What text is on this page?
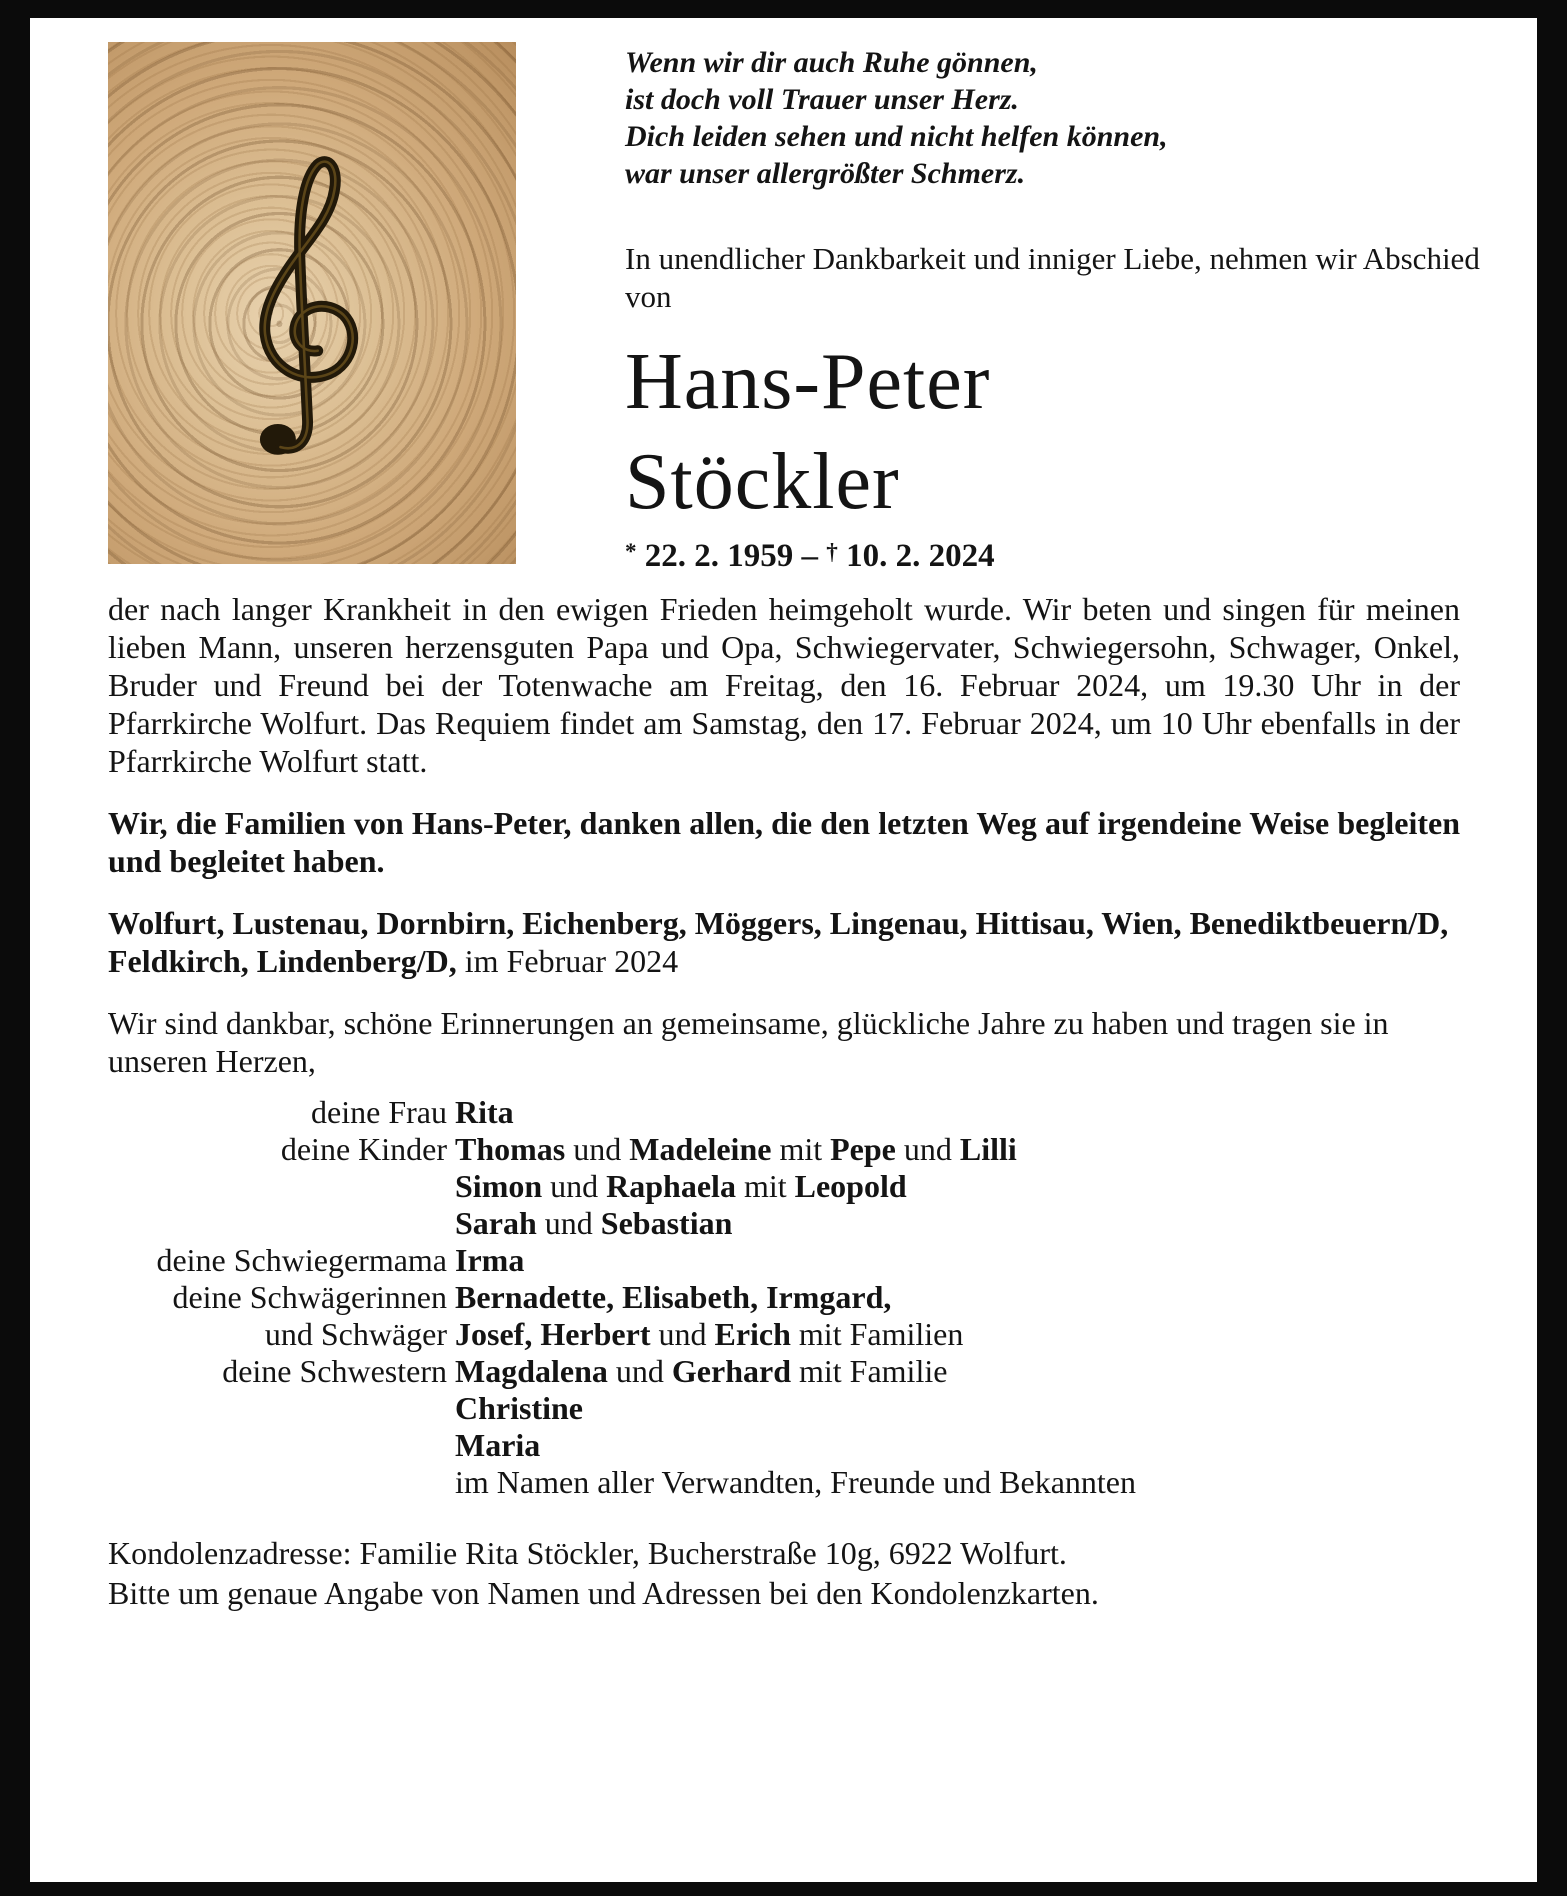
Wenn wir dir auch Ruhe gönnen,
ist doch voll Trauer unser Herz.
Dich leiden sehen und nicht helfen können,
war unser allergrößter Schmerz.

In unendlicher Dankbarkeit und inniger Liebe, nehmen wir Abschied von

Hans-Peter
Stöckler
* 22. 2. 1959 – † 10. 2. 2024

der nach langer Krankheit in den ewigen Frieden heimgeholt wurde. Wir beten und singen für meinen lieben Mann, unseren herzensguten Papa und Opa, Schwiegervater, Schwiegersohn, Schwager, Onkel, Bruder und Freund bei der Totenwache am Freitag, den 16. Februar 2024, um 19.30 Uhr in der Pfarrkirche Wolfurt. Das Requiem findet am Samstag, den 17. Februar 2024, um 10 Uhr ebenfalls in der Pfarrkirche Wolfurt statt.

Wir, die Familien von Hans-Peter, danken allen, die den letzten Weg auf irgendeine Weise begleiten und begleitet haben.

Wolfurt, Lustenau, Dornbirn, Eichenberg, Möggers, Lingenau, Hittisau, Wien, Benediktbeuern/D, Feldkirch, Lindenberg/D, im Februar 2024

Wir sind dankbar, schöne Erinnerungen an gemeinsame, glückliche Jahre zu haben und tragen sie in unseren Herzen,

deine Frau Rita
deine Kinder Thomas und Madeleine mit Pepe und Lilli
Simon und Raphaela mit Leopold
Sarah und Sebastian
deine Schwiegermama Irma
deine Schwägerinnen Bernadette, Elisabeth, Irmgard,
und Schwäger Josef, Herbert und Erich mit Familien
deine Schwestern Magdalena und Gerhard mit Familie
Christine
Maria
im Namen aller Verwandten, Freunde und Bekannten

Kondolenzadresse: Familie Rita Stöckler, Bucherstraße 10g, 6922 Wolfurt.

Bitte um genaue Angabe von Namen und Adressen bei den Kondolenzkarten.
